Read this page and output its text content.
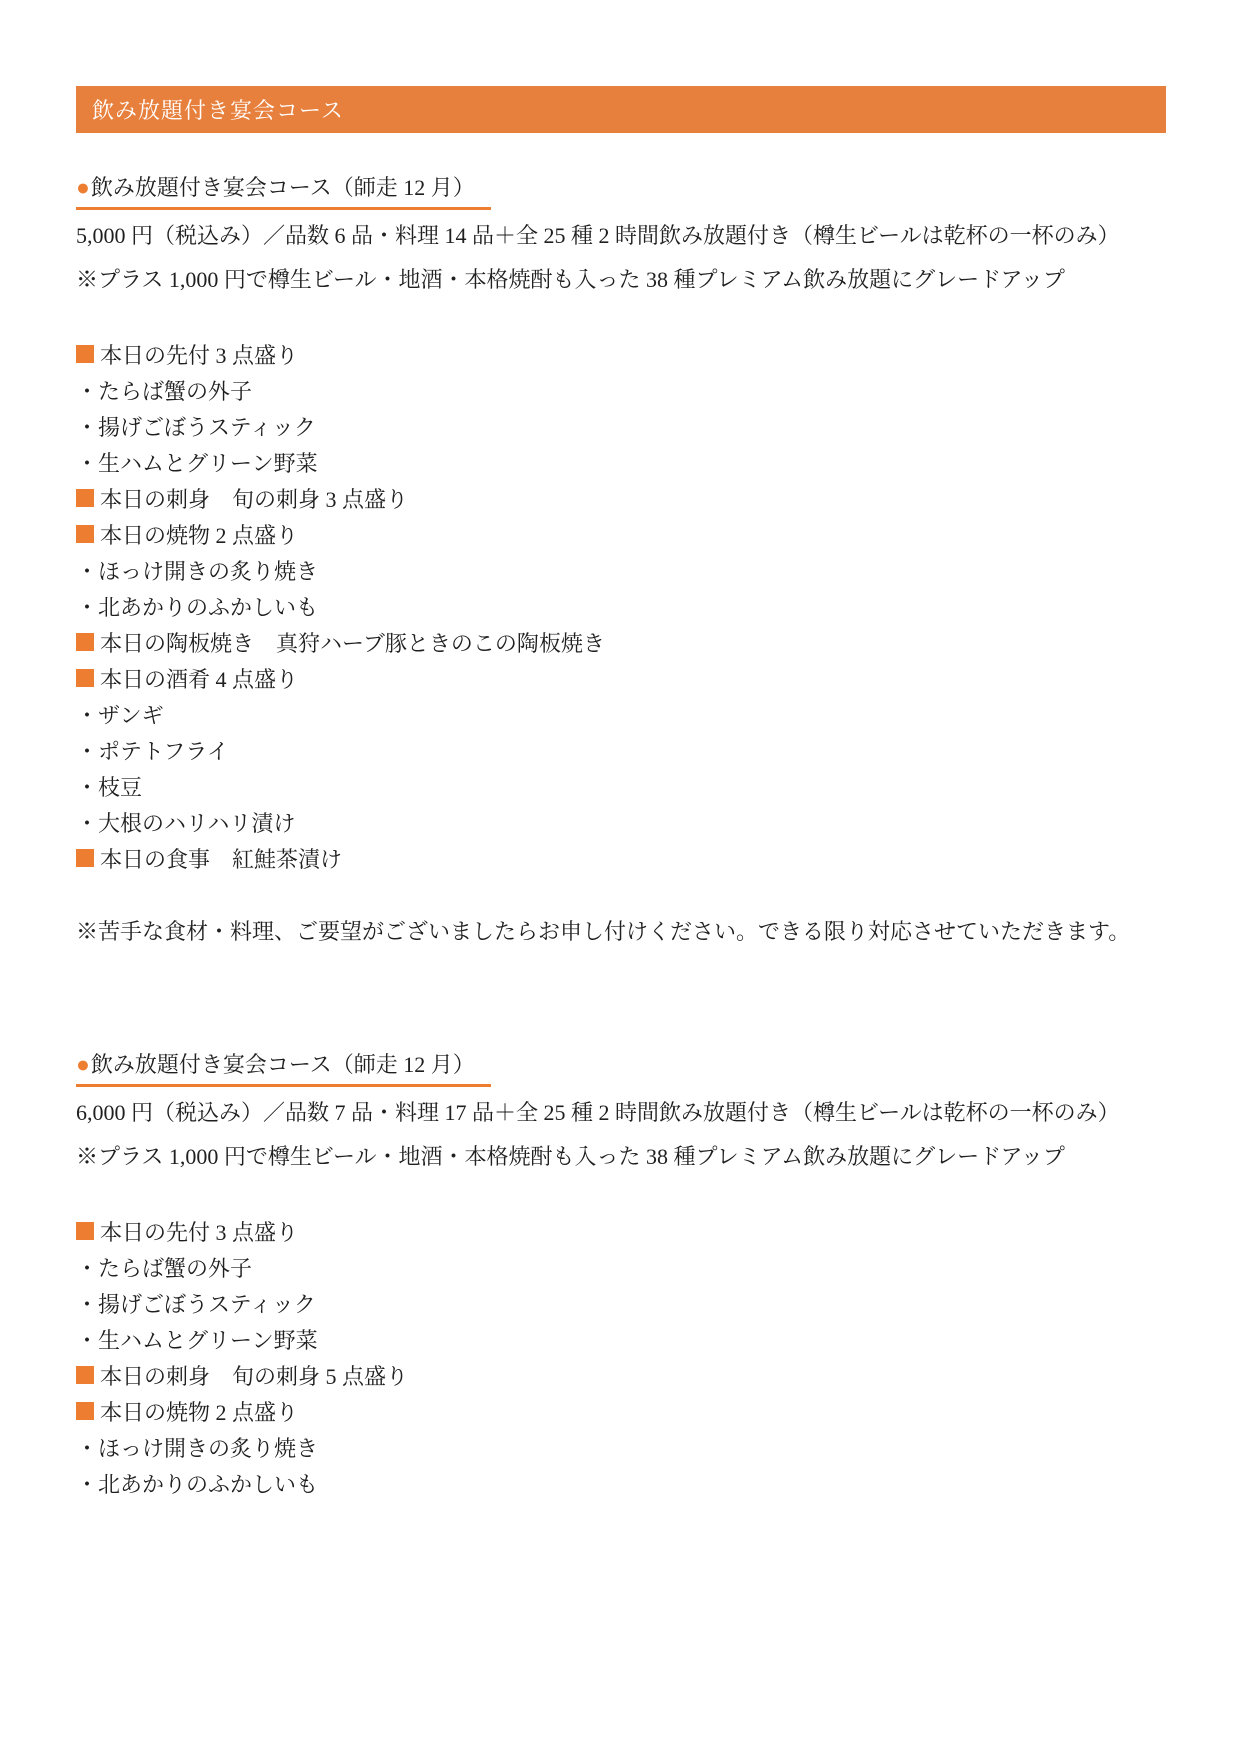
飲み放題付き宴会コース
●飲み放題付き宴会コース（師走 12 月）

5,000 円（税込み）／品数 6 品・料理 14 品＋全 25 種 2 時間飲み放題付き（樽生ビールは乾杯の一杯のみ）

※プラス 1,000 円で樽生ビール・地酒・本格焼酎も入った 38 種プレミアム飲み放題にグレードアップ

本日の先付 3 点盛り
・ たらば蟹の外子
・ 揚げごぼうスティック
・ 生ハムとグリーン野菜
本日の刺身　旬の刺身 3 点盛り
本日の焼物 2 点盛り
・ ほっけ開きの炙り焼き
・ 北あかりのふかしいも
本日の陶板焼き　真狩ハーブ豚ときのこの陶板焼き
本日の酒肴 4 点盛り
・ ザンギ
・ ポテトフライ
・ 枝豆
・ 大根のハリハリ漬け
本日の食事　紅鮭茶漬け

※苦手な食材・料理、ご要望がございましたらお申し付けください。できる限り対応させていただきます。

●飲み放題付き宴会コース（師走 12 月）

6,000 円（税込み）／品数 7 品・料理 17 品＋全 25 種 2 時間飲み放題付き（樽生ビールは乾杯の一杯のみ）

※プラス 1,000 円で樽生ビール・地酒・本格焼酎も入った 38 種プレミアム飲み放題にグレードアップ

本日の先付 3 点盛り
・ たらば蟹の外子
・ 揚げごぼうスティック
・ 生ハムとグリーン野菜
本日の刺身　旬の刺身 5 点盛り
本日の焼物 2 点盛り
・ ほっけ開きの炙り焼き
・ 北あかりのふかしいも
